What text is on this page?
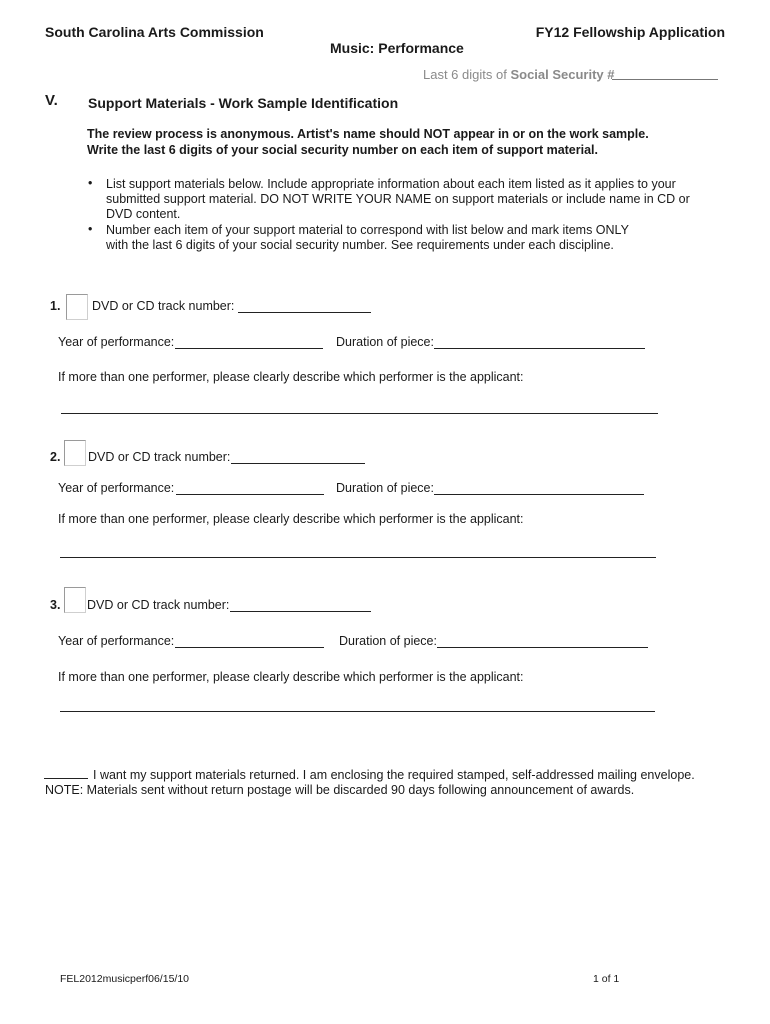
South Carolina Arts Commission	FY12 Fellowship Application
Music: Performance
Last 6 digits of Social Security #
V. Support Materials - Work Sample Identification
The review process is anonymous. Artist's name should NOT appear in or on the work sample.
Write the last 6 digits of your social security number on each item of support material.
• List support materials below. Include appropriate information about each item listed as it applies to your
submitted support material. DO NOT WRITE YOUR NAME on support materials or include name in CD or
DVD content.
• Number each item of your support material to correspond with list below and mark items ONLY
with the last 6 digits of your social security number. See requirements under each discipline.
1.	DVD or CD track number:
Year of performance:	Duration of piece:
If more than one performer, please clearly describe which performer is the applicant:
2. DVD or CD track number:
Year of performance:	Duration of piece:
If more than one performer, please clearly describe which performer is the applicant:
3. DVD or CD track number:
Year of performance:	Duration of piece:
If more than one performer, please clearly describe which performer is the applicant:
I want my support materials returned. I am enclosing the required stamped, self-addressed mailing envelope.
NOTE: Materials sent without return postage will be discarded 90 days following announcement of awards.
FEL2012musicperf06/15/10	1 of 1
